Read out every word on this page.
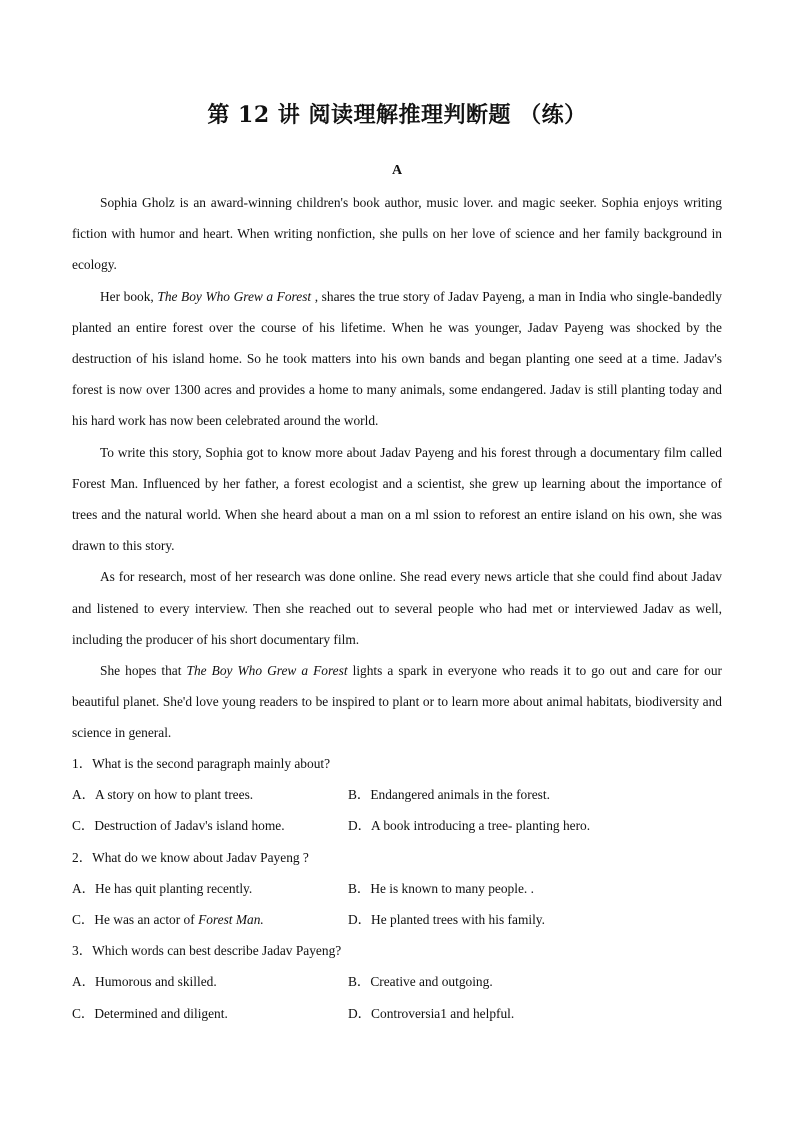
第 12 讲 阅读理解推理判断题 （练）
A

Sophia Gholz is an award-winning children's book author, music lover. and magic seeker. Sophia enjoys writing fiction with humor and heart. When writing nonfiction, she pulls on her love of science and her family background in ecology.

Her book, The Boy Who Grew a Forest , shares the true story of Jadav Payeng, a man in India who single-bandedly planted an entire forest over the course of his lifetime. When he was younger, Jadav Payeng was shocked by the destruction of his island home. So he took matters into his own bands and began planting one seed at a time. Jadav's forest is now over 1300 acres and provides a home to many animals, some endangered. Jadav is still planting today and his hard work has now been celebrated around the world.

To write this story, Sophia got to know more about Jadav Payeng and his forest through a documentary film called Forest Man. Influenced by her father, a forest ecologist and a scientist, she grew up learning about the importance of trees and the natural world. When she heard about a man on a ml ssion to reforest an entire island on his own, she was drawn to this story.

As for research, most of her research was done online. She read every news article that she could find about Jadav and listened to every interview. Then she reached out to several people who had met or interviewed Jadav as well, including the producer of his short documentary film.

She hopes that The Boy Who Grew a Forest lights a spark in everyone who reads it to go out and care for our beautiful planet. She'd love young readers to be inspired to plant or to learn more about animal habitats, biodiversity and science in general.

1．What is the second paragraph mainly about?

A．A story on how to plant trees.	B．Endangered animals in the forest.
C．Destruction of Jadav's island home.	D．A book introducing a tree- planting hero.

2．What do we know about Jadav Payeng ?

A．He has quit planting recently.	B．He is known to many people. .
C．He was an actor of Forest Man.	D．He planted trees with his family.

3．Which words can best describe Jadav Payeng?

A．Humorous and skilled.	B．Creative and outgoing.
C．Determined and diligent.	D．Controversia1 and helpful.
